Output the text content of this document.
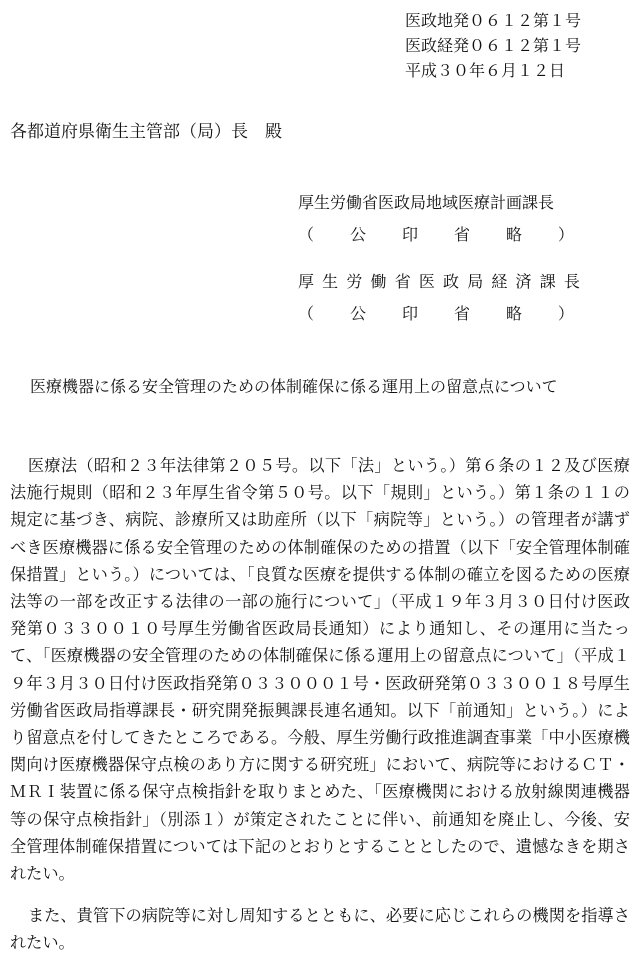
医政地発０６１２第１号
医政経発０６１２第１号
平成３０年６月１２日
各都道府県衛生主管部（局）長　殿
厚生労働省医政局地域医療計画課長
（ 公 印 省 略 ）
厚 生 労 働 省 医 政 局 経 済 課 長
（ 公 印 省 略 ）
医療機器に係る安全管理のための体制確保に係る運用上の留意点について

医療法（昭和２３年法律第２０５号。以下「法」という。）第６条の１２及び医療法施行規則（昭和２３年厚生省令第５０号。以下「規則」という。）第１条の１１の規定に基づき、病院、診療所又は助産所（以下「病院等」という。）の管理者が講ずべき医療機器に係る安全管理のための体制確保のための措置（以下「安全管理体制確保措置」という。）については、「良質な医療を提供する体制の確立を図るための医療法等の一部を改正する法律の一部の施行について」（平成１９年３月３０日付け医政発第０３３００１０号厚生労働省医政局長通知）により通知し、その運用に当たって、「医療機器の安全管理のための体制確保に係る運用上の留意点について」（平成１９年３月３０日付け医政指発第０３３０００１号・医政研発第０３３００１８号厚生労働省医政局指導課長・研究開発振興課長連名通知。以下「前通知」という。）により留意点を付してきたところである。今般、厚生労働行政推進調査事業「中小医療機関向け医療機器保守点検のあり方に関する研究班」において、病院等におけるＣＴ・ＭＲＩ装置に係る保守点検指針を取りまとめた、「医療機関における放射線関連機器等の保守点検指針」（別添１）が策定されたことに伴い、前通知を廃止し、今後、安全管理体制確保措置については下記のとおりとすることとしたので、遺憾なきを期されたい。

また、貴管下の病院等に対し周知するとともに、必要に応じこれらの機関を指導されたい。
